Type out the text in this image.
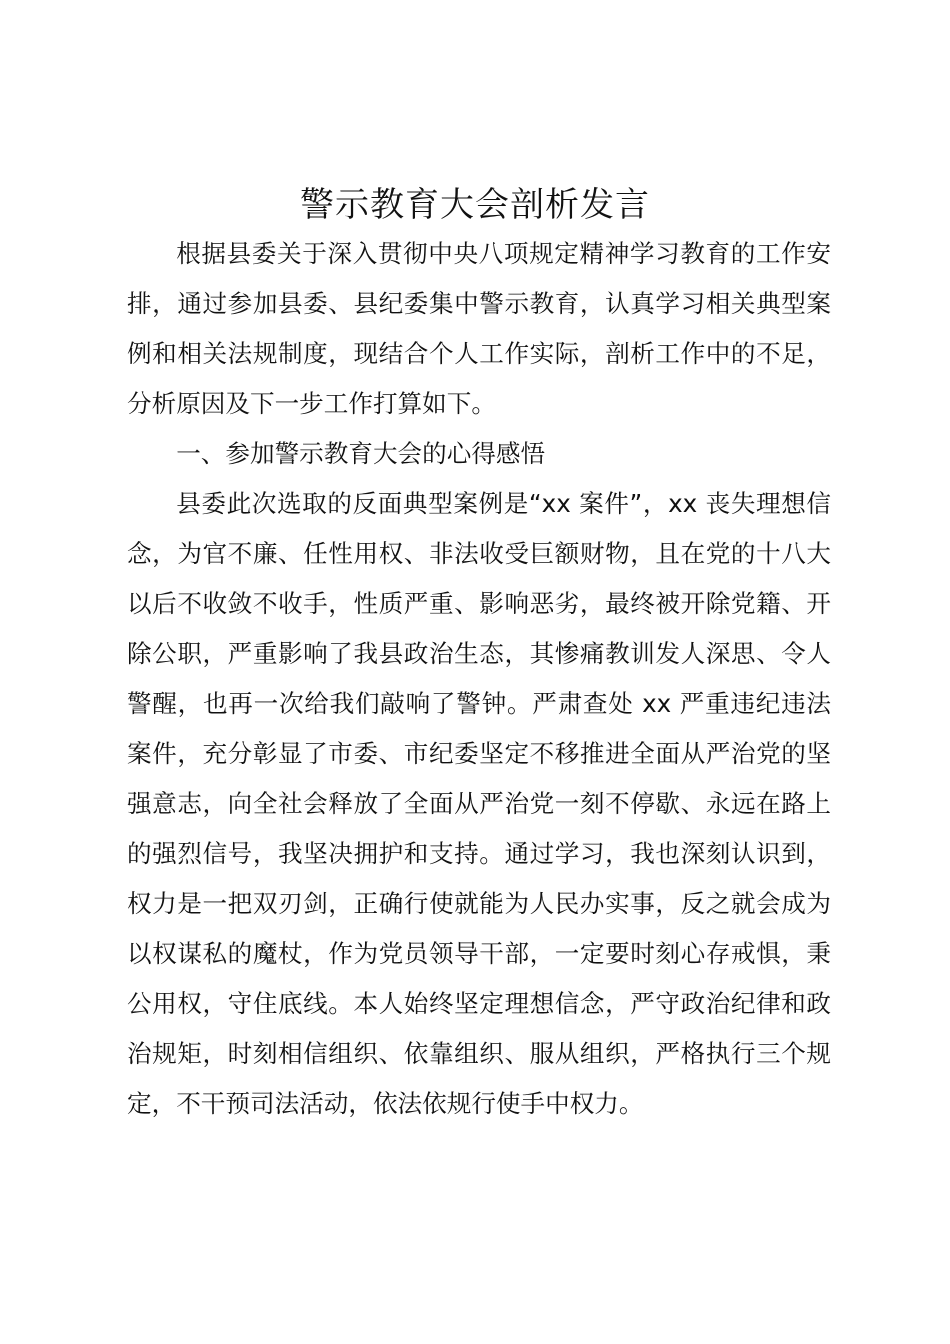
警示教育大会剖析发言

根据县委关于深入贯彻中央八项规定精神学习教育的工作安排，通过参加县委、县纪委集中警示教育，认真学习相关典型案例和相关法规制度，现结合个人工作实际，剖析工作中的不足，分析原因及下一步工作打算如下。

一、参加警示教育大会的心得感悟

县委此次选取的反面典型案例是“xx 案件”，xx 丧失理想信念，为官不廉、任性用权、非法收受巨额财物，且在党的十八大以后不收敛不收手，性质严重、影响恶劣，最终被开除党籍、开除公职，严重影响了我县政治生态，其惨痛教训发人深思、令人警醒，也再一次给我们敲响了警钟。严肃查处 xx 严重违纪违法案件，充分彰显了市委、市纪委坚定不移推进全面从严治党的坚强意志，向全社会释放了全面从严治党一刻不停歇、永远在路上的强烈信号，我坚决拥护和支持。通过学习，我也深刻认识到，权力是一把双刃剑，正确行使就能为人民办实事，反之就会成为以权谋私的魔杖，作为党员领导干部，一定要时刻心存戒惧，秉公用权，守住底线。本人始终坚定理想信念，严守政治纪律和政治规矩，时刻相信组织、依靠组织、服从组织，严格执行三个规定，不干预司法活动，依法依规行使手中权力。
